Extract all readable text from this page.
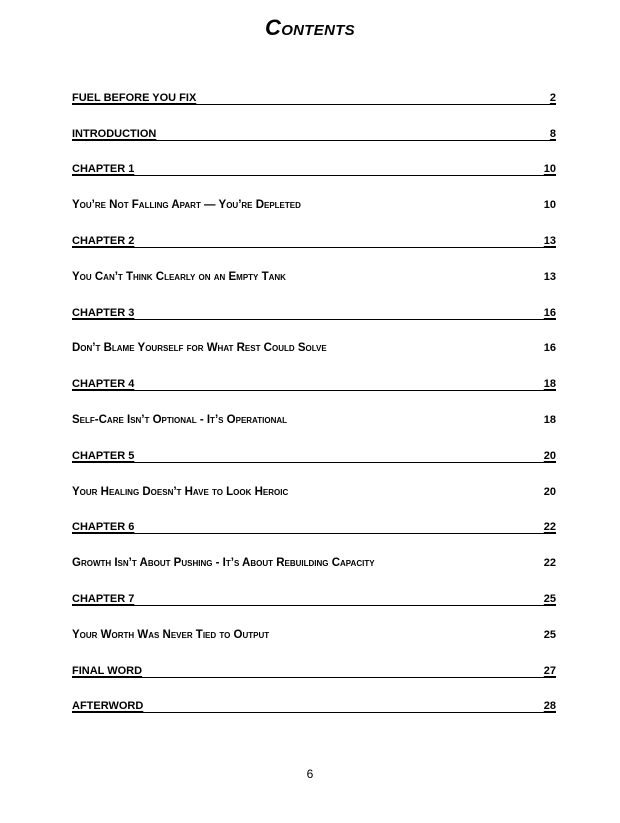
Contents
FUEL BEFORE YOU FIX	2
INTRODUCTION	8
CHAPTER 1	10
You’re Not Falling Apart — You’re Depleted	10
CHAPTER 2	13
You Can’t Think Clearly on an Empty Tank	13
CHAPTER 3	16
Don’t Blame Yourself for What Rest Could Solve	16
CHAPTER 4	18
Self-Care Isn’t Optional - It’s Operational	18
CHAPTER 5	20
Your Healing Doesn’t Have to Look Heroic	20
CHAPTER 6	22
Growth Isn’t About Pushing - It’s About Rebuilding Capacity	22
CHAPTER 7	25
Your Worth Was Never Tied to Output	25
FINAL WORD	27
AFTERWORD	28
6
